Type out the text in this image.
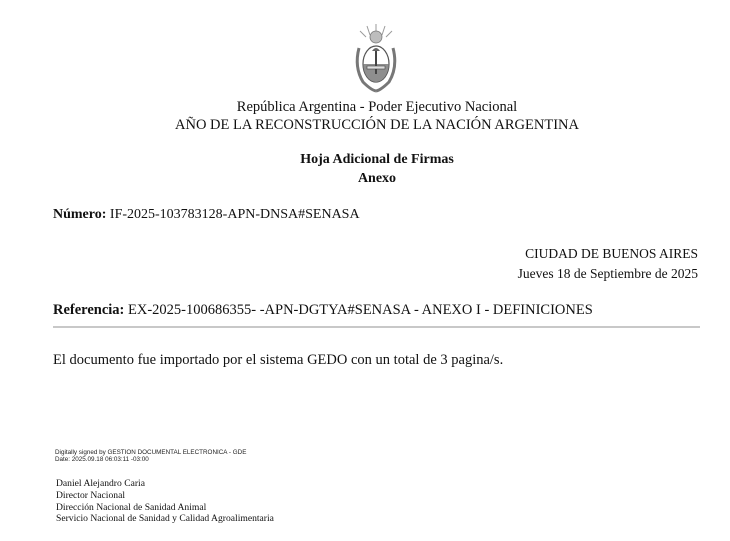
República Argentina - Poder Ejecutivo Nacional
AÑO DE LA RECONSTRUCCIÓN DE LA NACIÓN ARGENTINA
Hoja Adicional de Firmas
Anexo
Número: IF-2025-103783128-APN-DNSA#SENASA
CIUDAD DE BUENOS AIRES
Jueves 18 de Septiembre de 2025
Referencia: EX-2025-100686355- -APN-DGTYA#SENASA - ANEXO I - DEFINICIONES
El documento fue importado por el sistema GEDO con un total de 3 pagina/s.
Digitally signed by GESTION DOCUMENTAL ELECTRONICA - GDE
Date: 2025.09.18 06:03:11 -03:00
Daniel Alejandro Caria
Director Nacional
Dirección Nacional de Sanidad Animal
Servicio Nacional de Sanidad y Calidad Agroalimentaria
